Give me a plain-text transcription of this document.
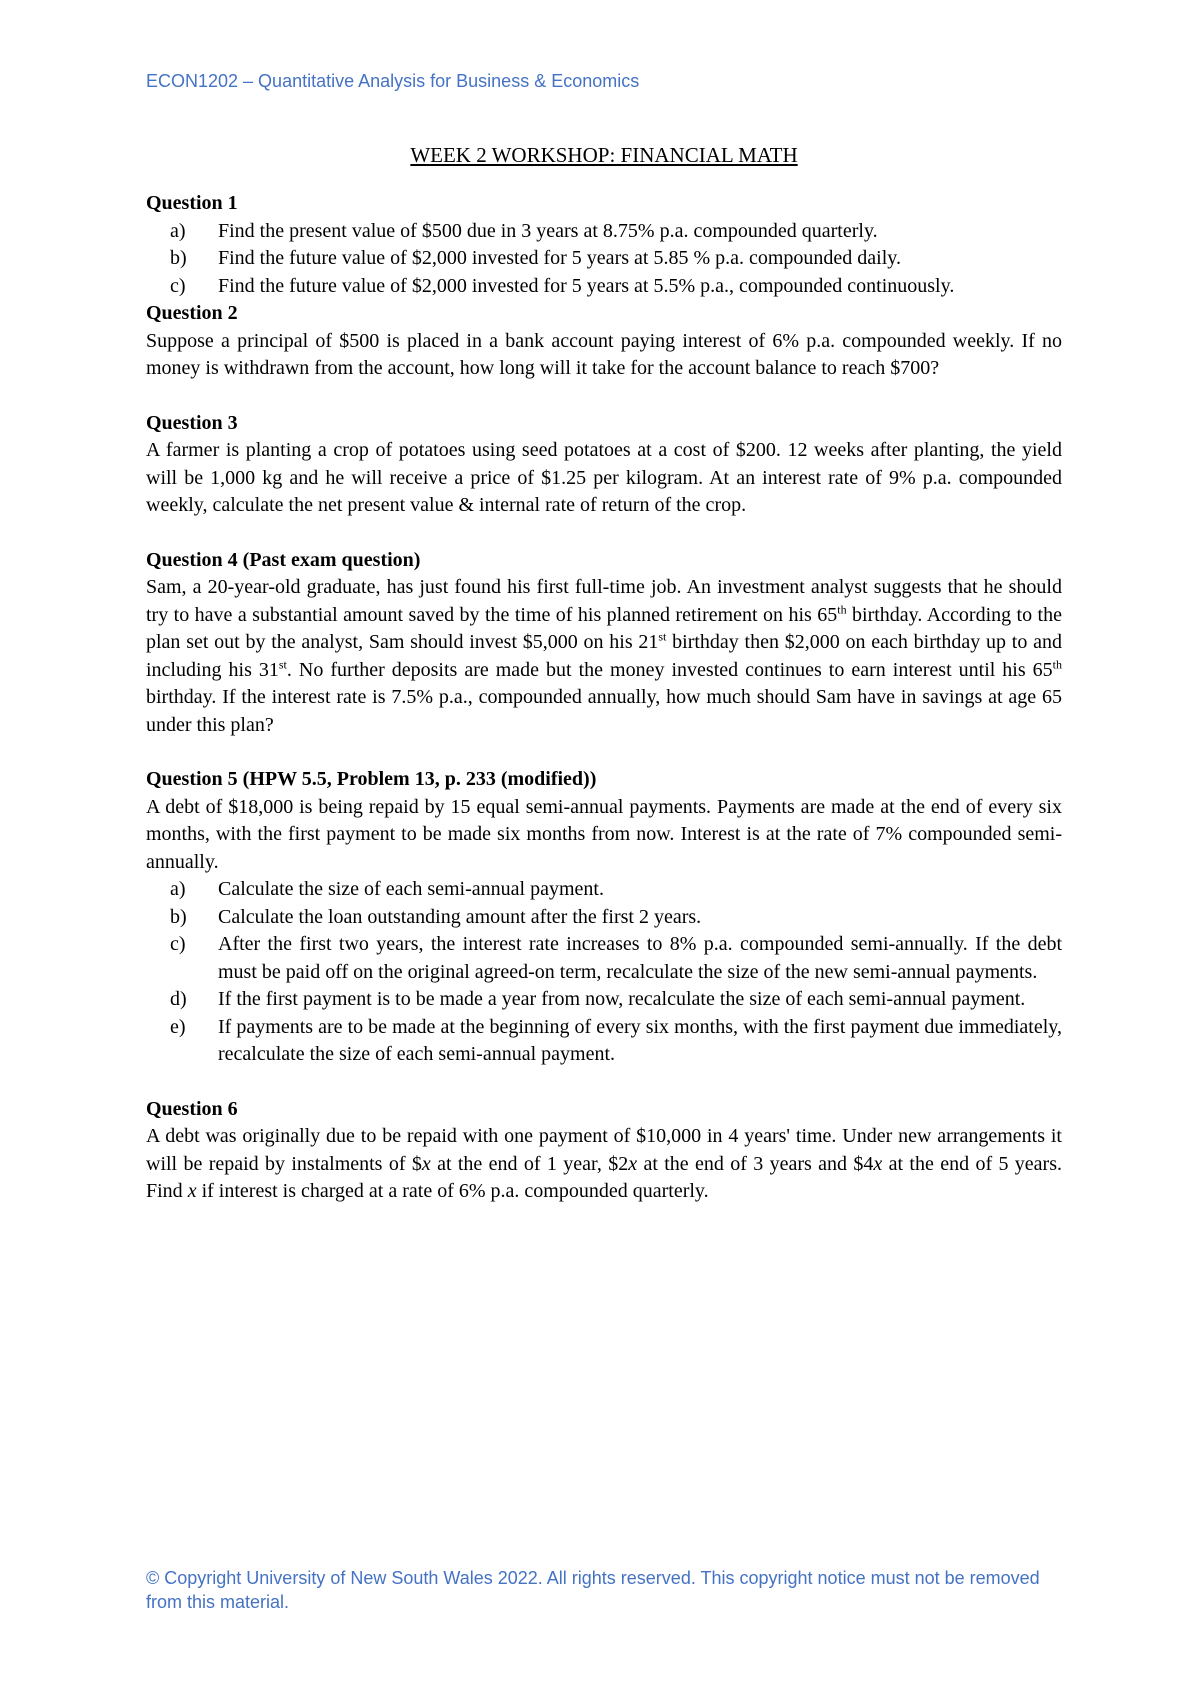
ECON1202 – Quantitative Analysis for Business & Economics
WEEK 2 WORKSHOP: FINANCIAL MATH

Question 1

a)	Find the present value of $500 due in 3 years at 8.75% p.a. compounded quarterly.
b)	Find the future value of $2,000 invested for 5 years at 5.85 % p.a. compounded daily.
c)	Find the future value of $2,000 invested for 5 years at 5.5% p.a., compounded continuously.

Question 2

Suppose a principal of $500 is placed in a bank account paying interest of 6% p.a. compounded weekly. If no money is withdrawn from the account, how long will it take for the account balance to reach $700?

Question 3

A farmer is planting a crop of potatoes using seed potatoes at a cost of $200. 12 weeks after planting, the yield will be 1,000 kg and he will receive a price of $1.25 per kilogram. At an interest rate of 9% p.a. compounded weekly, calculate the net present value & internal rate of return of the crop.

Question 4 (Past exam question)

Sam, a 20-year-old graduate, has just found his first full-time job. An investment analyst suggests that he should try to have a substantial amount saved by the time of his planned retirement on his 65th birthday. According to the plan set out by the analyst, Sam should invest $5,000 on his 21st birthday then $2,000 on each birthday up to and including his 31st. No further deposits are made but the money invested continues to earn interest until his 65th birthday. If the interest rate is 7.5% p.a., compounded annually, how much should Sam have in savings at age 65 under this plan?

Question 5 (HPW 5.5, Problem 13, p. 233 (modified))

A debt of $18,000 is being repaid by 15 equal semi-annual payments. Payments are made at the end of every six months, with the first payment to be made six months from now. Interest is at the rate of 7% compounded semi-annually.

a)	Calculate the size of each semi-annual payment.
b)	Calculate the loan outstanding amount after the first 2 years.
c)	After the first two years, the interest rate increases to 8% p.a. compounded semi-annually. If the debt must be paid off on the original agreed-on term, recalculate the size of the new semi-annual payments.
d)	If the first payment is to be made a year from now, recalculate the size of each semi-annual payment.
e)	If payments are to be made at the beginning of every six months, with the first payment due immediately, recalculate the size of each semi-annual payment.

Question 6

A debt was originally due to be repaid with one payment of $10,000 in 4 years' time. Under new arrangements it will be repaid by instalments of $x at the end of 1 year, $2x at the end of 3 years and $4x at the end of 5 years. Find x if interest is charged at a rate of 6% p.a. compounded quarterly.

© Copyright University of New South Wales 2022. All rights reserved. This copyright notice must not be removed from this material.
